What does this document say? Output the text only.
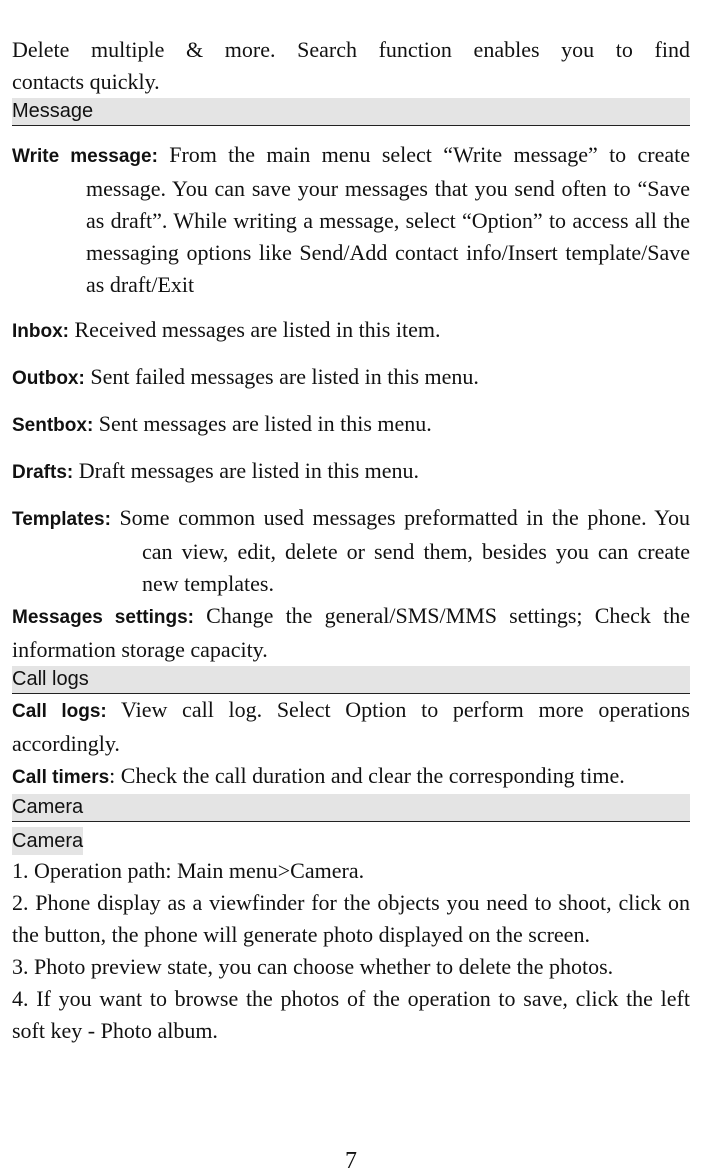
Delete multiple & more. Search function enables you to find
contacts quickly.
Message

Write message: From the main menu select “Write message” to create message. You can save your messages that you send often to “Save as draft”. While writing a message, select “Option” to access all the messaging options like Send/Add contact info/Insert template/Save as draft/Exit

Inbox: Received messages are listed in this item.

Outbox: Sent failed messages are listed in this menu.

Sentbox: Sent messages are listed in this menu.

Drafts: Draft messages are listed in this menu.

Templates: Some common used messages preformatted in the phone. You can view, edit, delete or send them, besides you can create new templates.

Messages settings: Change the general/SMS/MMS settings; Check the information storage capacity.

Call logs

Call logs: View call log. Select Option to perform more operations accordingly.

Call timers: Check the call duration and clear the corresponding time.

Camera
Camera

1. Operation path: Main menu>Camera.

2. Phone display as a viewfinder for the objects you need to shoot, click on the button, the phone will generate photo displayed on the screen.

3. Photo preview state, you can choose whether to delete the photos.

4. If you want to browse the photos of the operation to save, click the left soft key - Photo album.

7
